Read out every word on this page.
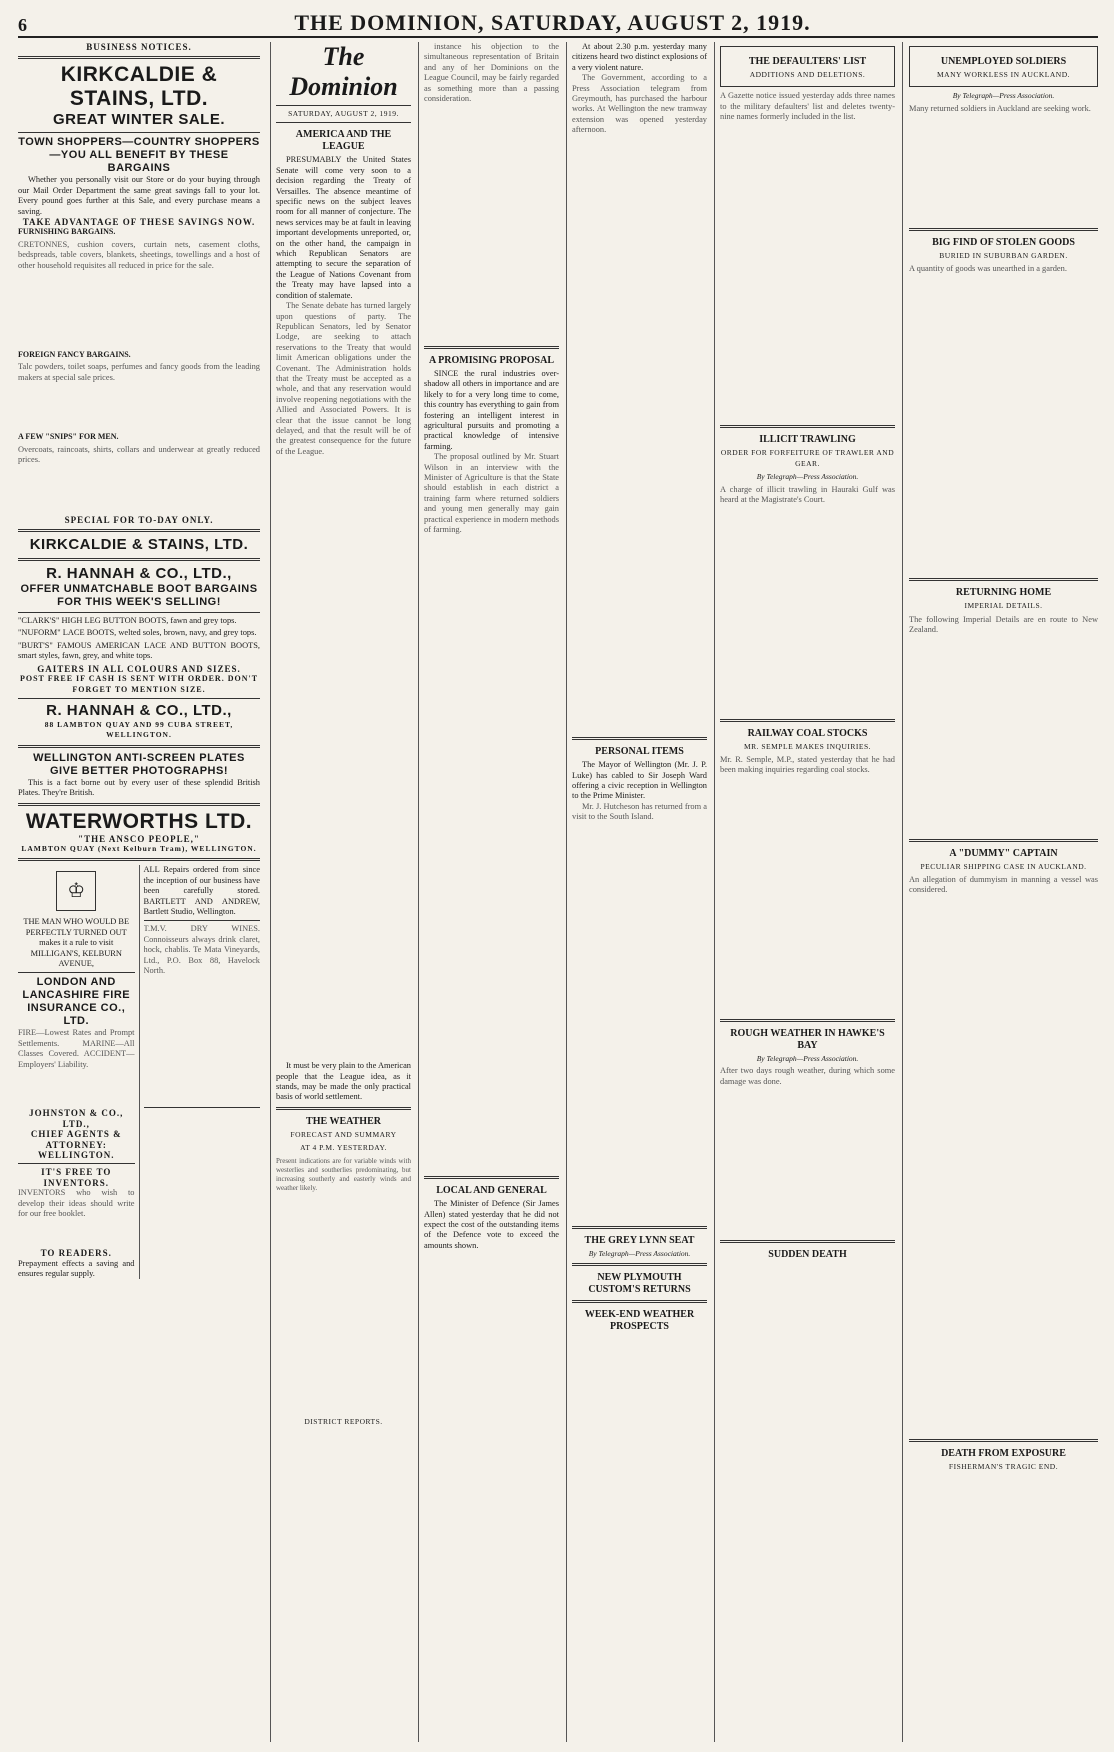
6	THE DOMINION, SATURDAY, AUGUST 2, 1919.
BUSINESS NOTICES.
KIRKCALDIE & STAINS, LTD.
GREAT WINTER SALE.
TOWN SHOPPERS—COUNTRY SHOPPERS—YOU ALL BENEFIT BY THESE BARGAINS

Whether you personally visit our Store or do your buying through our Mail Order Department the same great savings fall to your lot. Every pound goes further at this Sale, and every purchase means a saving.

TAKE ADVANTAGE OF THESE SAVINGS NOW.
FURNISHING BARGAINS.

CRETONNES, cushion covers, curtain nets, casement cloths, bedspreads, table covers, blankets, sheetings, towellings and a host of other household requisites all reduced in price for the sale.

FOREIGN FANCY BARGAINS.

Talc powders, toilet soaps, perfumes and fancy goods from the leading makers at special sale prices.

A FEW "SNIPS" FOR MEN.

Overcoats, raincoats, shirts, collars and underwear at greatly reduced prices.

SPECIAL FOR TO-DAY ONLY.
KIRKCALDIE & STAINS, LTD.
R. HANNAH & CO., LTD.,
OFFER UNMATCHABLE BOOT BARGAINS FOR THIS WEEK'S SELLING!

"CLARK'S" HIGH LEG BUTTON BOOTS, fawn and grey tops.

"NUFORM" LACE BOOTS, welted soles, brown, navy, and grey tops.

"BURT'S" FAMOUS AMERICAN LACE AND BUTTON BOOTS, smart styles, fawn, grey, and white tops.

GAITERS IN ALL COLOURS AND SIZES.
POST FREE IF CASH IS SENT WITH ORDER. DON'T FORGET TO MENTION SIZE.
R. HANNAH & CO., LTD.,
88 LAMBTON QUAY AND 99 CUBA STREET, WELLINGTON.
WELLINGTON ANTI-SCREEN PLATES GIVE BETTER PHOTOGRAPHS!

This is a fact borne out by every user of these splendid British Plates. They're British.

WATERWORTHS LTD.
"THE ANSCO PEOPLE,"
LAMBTON QUAY (Next Kelburn Tram), WELLINGTON.
♔

THE MAN WHO WOULD BE PERFECTLY TURNED OUT makes it a rule to visit MILLIGAN'S, KELBURN AVENUE,

LONDON AND LANCASHIRE FIRE INSURANCE CO., LTD.

FIRE—Lowest Rates and Prompt Settlements. MARINE—All Classes Covered. ACCIDENT—Employers' Liability.

JOHNSTON & CO., LTD.,
CHIEF AGENTS & ATTORNEY:
WELLINGTON.
IT'S FREE TO INVENTORS.

INVENTORS who wish to develop their ideas should write for our free booklet.

TO READERS.

Prepayment effects a saving and ensures regular supply.

ALL Repairs ordered from since the inception of our business have been carefully stored. BARTLETT AND ANDREW, Bartlett Studio, Wellington.

T.M.V. DRY WINES. Connoisseurs always drink claret, hock, chablis. Te Mata Vineyards, Ltd., P.O. Box 88, Havelock North.

The Dominion
SATURDAY, AUGUST 2, 1919.
AMERICA AND THE LEAGUE

PRESUMABLY the United States Senate will come very soon to a decision regarding the Treaty of Versailles. The absence meantime of specific news on the subject leaves room for all manner of conjecture. The news services may be at fault in leaving important developments unreported, or, on the other hand, the campaign in which Republican Senators are attempting to secure the separation of the League of Nations Covenant from the Treaty may have lapsed into a condition of stalemate.

The Senate debate has turned largely upon questions of party. The Republican Senators, led by Senator Lodge, are seeking to attach reservations to the Treaty that would limit American obligations under the Covenant. The Administration holds that the Treaty must be accepted as a whole, and that any reservation would involve reopening negotiations with the Allied and Associated Powers. It is clear that the issue cannot be long delayed, and that the result will be of the greatest consequence for the future of the League.

It must be very plain to the American people that the League idea, as it stands, may be made the only practical basis of world settlement.

THE WEATHER
FORECAST AND SUMMARY
AT 4 P.M. YESTERDAY.

Present indications are for variable winds with westerlies and southerlies predominating, but increasing southerly and easterly winds and weather likely.

DISTRICT REPORTS.

instance his objection to the simultaneous representation of Britain and any of her Dominions on the League Council, may be fairly regarded as something more than a passing consideration.

A PROMISING PROPOSAL

SINCE the rural industries over-shadow all others in importance and are likely to for a very long time to come, this country has everything to gain from fostering an intelligent interest in agricultural pursuits and promoting a practical knowledge of intensive farming.

The proposal outlined by Mr. Stuart Wilson in an interview with the Minister of Agriculture is that the State should establish in each district a training farm where returned soldiers and young men generally may gain practical experience in modern methods of farming.

LOCAL AND GENERAL

The Minister of Defence (Sir James Allen) stated yesterday that he did not expect the cost of the outstanding items of the Defence vote to exceed the amounts shown.

At about 2.30 p.m. yesterday many citizens heard two distinct explosions of a very violent nature.

The Government, according to a Press Association telegram from Greymouth, has purchased the harbour works. At Wellington the new tramway extension was opened yesterday afternoon.

PERSONAL ITEMS

The Mayor of Wellington (Mr. J. P. Luke) has cabled to Sir Joseph Ward offering a civic reception in Wellington to the Prime Minister.

Mr. J. Hutcheson has returned from a visit to the South Island.

THE GREY LYNN SEAT
By Telegraph—Press Association.
NEW PLYMOUTH CUSTOM'S RETURNS
WEEK-END WEATHER PROSPECTS
THE DEFAULTERS' LIST
ADDITIONS AND DELETIONS.

A Gazette notice issued yesterday adds three names to the military defaulters' list and deletes twenty-nine names formerly included in the list.

ILLICIT TRAWLING
ORDER FOR FORFEITURE OF TRAWLER AND GEAR.
By Telegraph—Press Association.

A charge of illicit trawling in Hauraki Gulf was heard at the Magistrate's Court.

RAILWAY COAL STOCKS
MR. SEMPLE MAKES INQUIRIES.

Mr. R. Semple, M.P., stated yesterday that he had been making inquiries regarding coal stocks.

ROUGH WEATHER IN HAWKE'S BAY
By Telegraph—Press Association.

After two days rough weather, during which some damage was done.

SUDDEN DEATH
UNEMPLOYED SOLDIERS
MANY WORKLESS IN AUCKLAND.
By Telegraph—Press Association.

Many returned soldiers in Auckland are seeking work.

BIG FIND OF STOLEN GOODS
BURIED IN SUBURBAN GARDEN.

A quantity of goods was unearthed in a garden.

RETURNING HOME
IMPERIAL DETAILS.

The following Imperial Details are en route to New Zealand.

A "DUMMY" CAPTAIN
PECULIAR SHIPPING CASE IN AUCKLAND.

An allegation of dummyism in manning a vessel was considered.

DEATH FROM EXPOSURE
FISHERMAN'S TRAGIC END.
